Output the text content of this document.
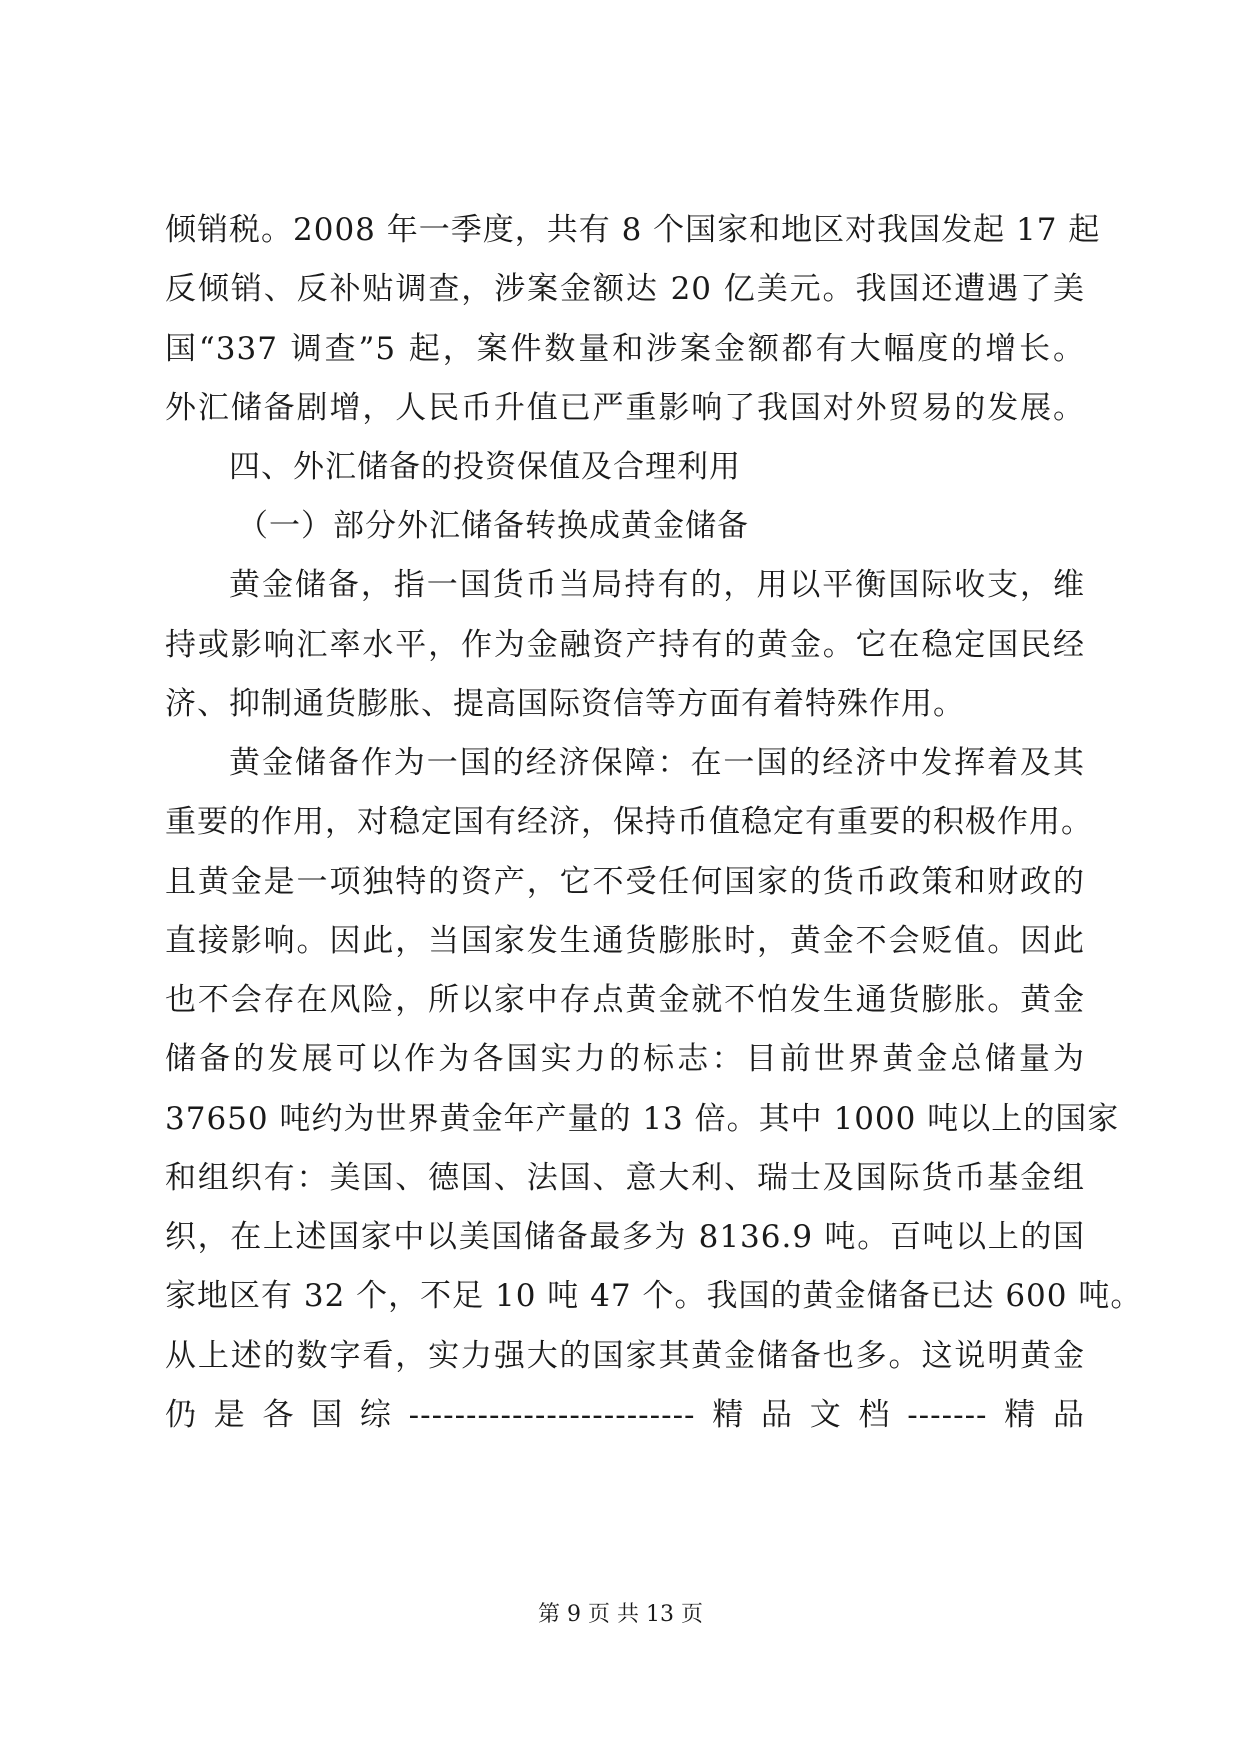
倾销税。2008 年一季度，共有 8 个国家和地区对我国发起 17 起
反倾销、反补贴调查，涉案金额达 20 亿美元。我国还遭遇了美
国“337 调查”5 起，案件数量和涉案金额都有大幅度的增长。
外汇储备剧增，人民币升值已严重影响了我国对外贸易的发展。
四、外汇储备的投资保值及合理利用
（一）部分外汇储备转换成黄金储备
黄金储备，指一国货币当局持有的，用以平衡国际收支，维
持或影响汇率水平，作为金融资产持有的黄金。它在稳定国民经
济、抑制通货膨胀、提高国际资信等方面有着特殊作用。
黄金储备作为一国的经济保障：在一国的经济中发挥着及其
重要的作用，对稳定国有经济，保持币值稳定有重要的积极作用。
且黄金是一项独特的资产，它不受任何国家的货币政策和财政的
直接影响。因此，当国家发生通货膨胀时，黄金不会贬值。因此
也不会存在风险，所以家中存点黄金就不怕发生通货膨胀。黄金
储备的发展可以作为各国实力的标志：目前世界黄金总储量为
37650 吨约为世界黄金年产量的 13 倍。其中 1000 吨以上的国家
和组织有：美国、德国、法国、意大利、瑞士及国际货币基金组
织，在上述国家中以美国储备最多为 8136.9 吨。百吨以上的国
家地区有 32 个，不足 10 吨 47 个。我国的黄金储备已达 600 吨。
从上述的数字看，实力强大的国家其黄金储备也多。这说明黄金
仍是各国综-------------------------精品文档-------精品
第 9 页 共 13 页
